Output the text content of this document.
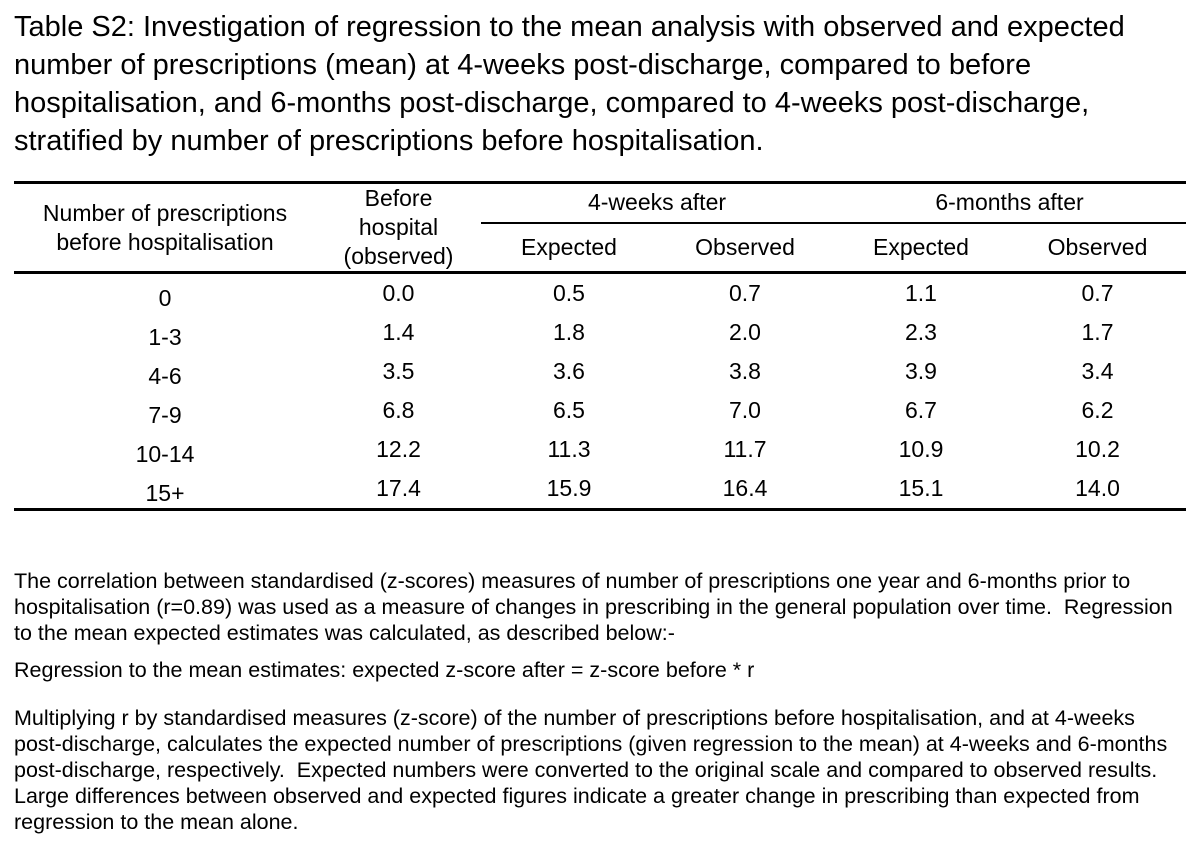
Table S2: Investigation of regression to the mean analysis with observed and expected number of prescriptions (mean) at 4-weeks post-discharge, compared to before hospitalisation, and 6-months post-discharge, compared to 4-weeks post-discharge, stratified by number of prescriptions before hospitalisation.

Number of prescriptions before hospitalisation	Before hospital (observed)	4-weeks after		6-months after	
		Expected	Observed	Expected	Observed
0	0.0	0.5	0.7	1.1	0.7
1-3	1.4	1.8	2.0	2.3	1.7
4-6	3.5	3.6	3.8	3.9	3.4
7-9	6.8	6.5	7.0	6.7	6.2
10-14	12.2	11.3	11.7	10.9	10.2
15+	17.4	15.9	16.4	15.1	14.0

The correlation between standardised (z-scores) measures of number of prescriptions one year and 6-months prior to hospitalisation (r=0.89) was used as a measure of changes in prescribing in the general population over time.  Regression to the mean expected estimates was calculated, as described below:-

Regression to the mean estimates: expected z-score after = z-score before * r

Multiplying r by standardised measures (z-score) of the number of prescriptions before hospitalisation, and at 4-weeks post-discharge, calculates the expected number of prescriptions (given regression to the mean) at 4-weeks and 6-months post-discharge, respectively.  Expected numbers were converted to the original scale and compared to observed results.  Large differences between observed and expected figures indicate a greater change in prescribing than expected from regression to the mean alone.
